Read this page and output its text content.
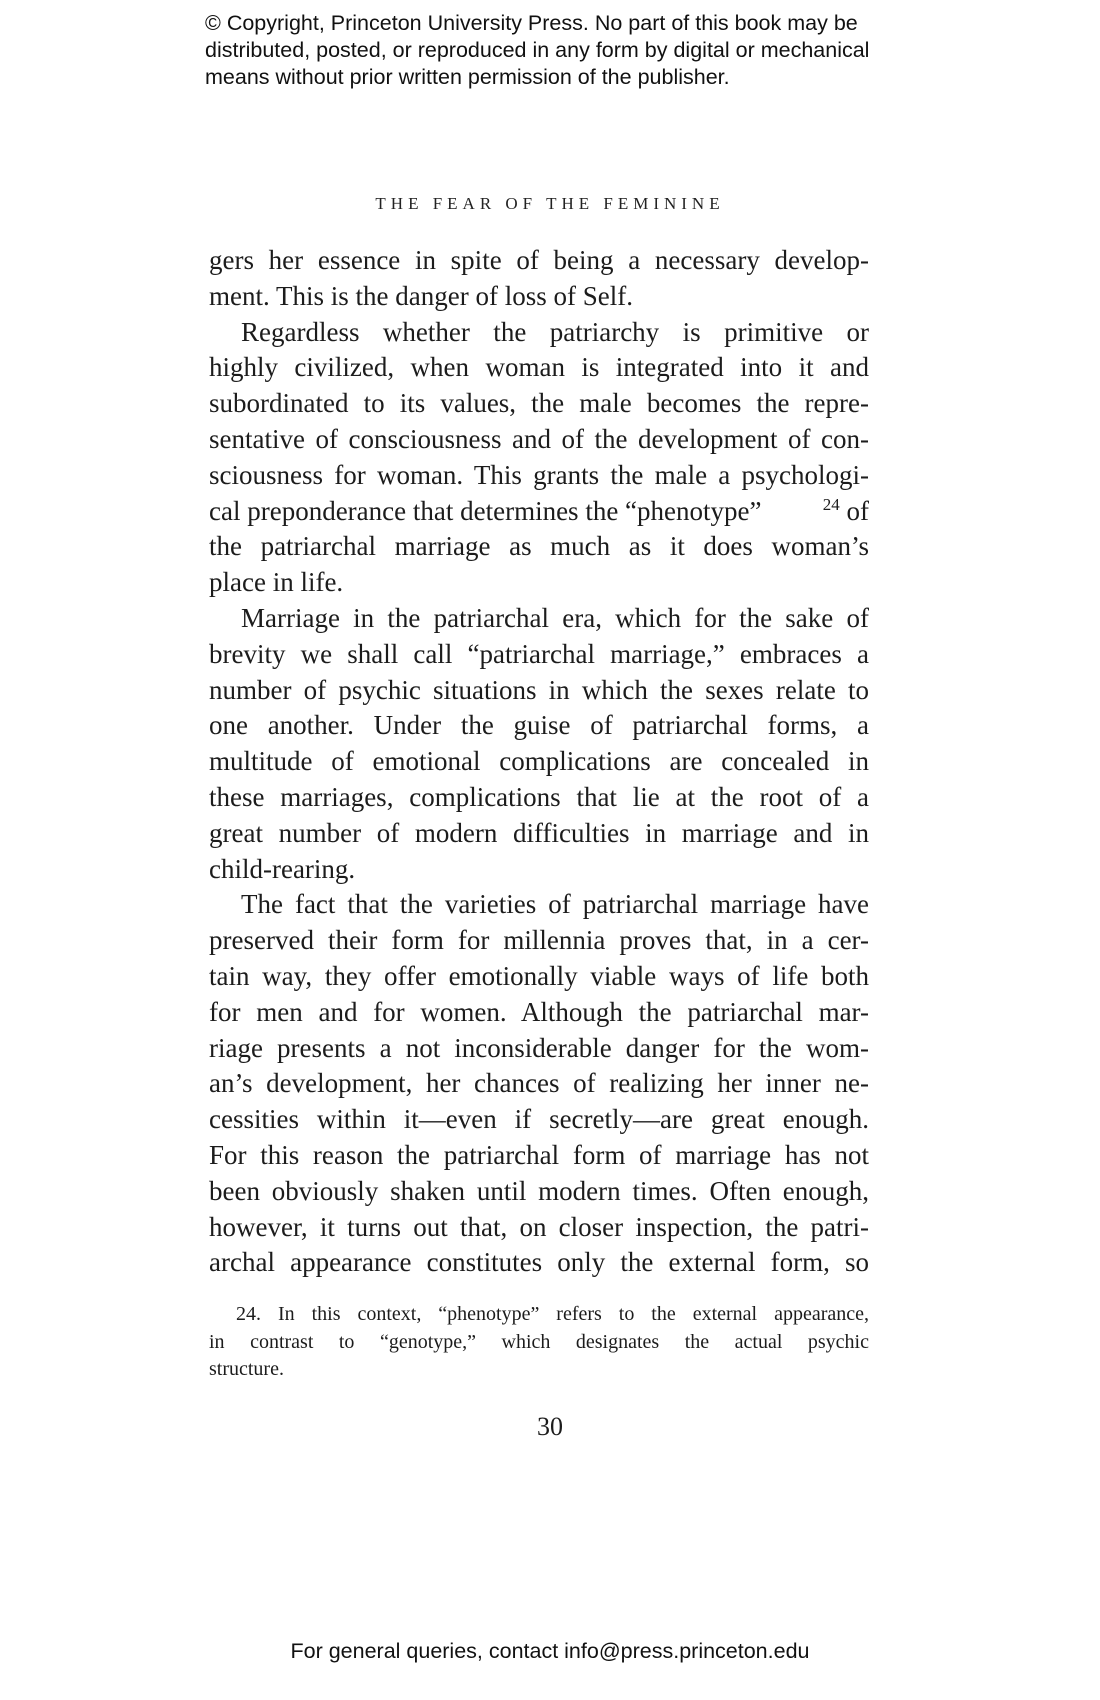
© Copyright, Princeton University Press. No part of this book may be
distributed, posted, or reproduced in any form by digital or mechanical
means without prior written permission of the publisher.
THE FEAR OF THE FEMININE
gers her essence in spite of being a necessary develop-
ment. This is the danger of loss of Self.
Regardless whether the patriarchy is primitive or
highly civilized, when woman is integrated into it and
subordinated to its values, the male becomes the repre-
sentative of consciousness and of the development of con-
sciousness for woman. This grants the male a psychologi-
cal preponderance that determines the “phenotype”	$^{24}$ of
the patriarchal marriage as much as it does woman’s
place in life.
Marriage in the patriarchal era, which for the sake of
brevity we shall call “patriarchal marriage,” embraces a
number of psychic situations in which the sexes relate to
one another. Under the guise of patriarchal forms, a
multitude of emotional complications are concealed in
these marriages, complications that lie at the root of a
great number of modern difficulties in marriage and in
child-rearing.
The fact that the varieties of patriarchal marriage have
preserved their form for millennia proves that, in a cer-
tain way, they offer emotionally viable ways of life both
for men and for women. Although the patriarchal mar-
riage presents a not inconsiderable danger for the wom-
an’s development, her chances of realizing her inner ne-
cessities within it—even if secretly—are great enough.
For this reason the patriarchal form of marriage has not
been obviously shaken until modern times. Often enough,
however, it turns out that, on closer inspection, the patri-
archal appearance constitutes only the external form, so
24. In this context, “phenotype” refers to the external appearance,
in contrast to “genotype,” which designates the actual psychic
structure.
30
For general queries, contact info@press.princeton.edu
